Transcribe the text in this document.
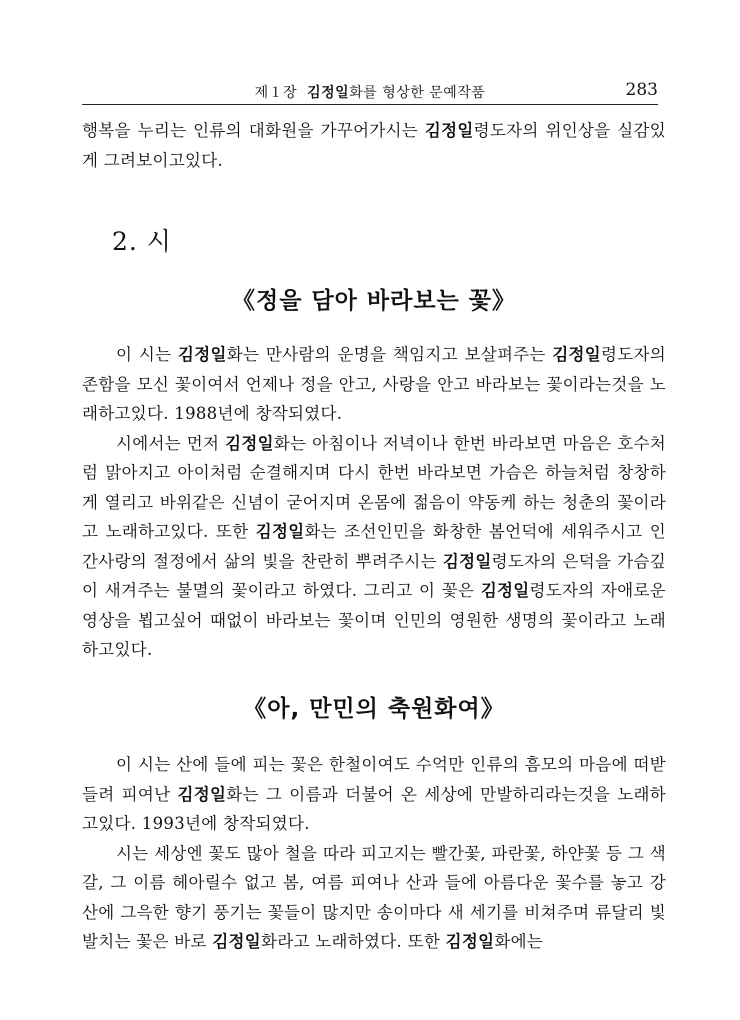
제１장 김정일화를 형상한 문예작품	283

행복을 누리는 인류의 대화원을 가꾸어가시는 김정일령도자의 위인상을 실감있게 그려보이고있다.

2. 시
《정을 담아 바라보는 꽃》

이 시는 김정일화는 만사람의 운명을 책임지고 보살펴주는 김정일령도자의 존함을 모신 꽃이여서 언제나 정을 안고, 사랑을 안고 바라보는 꽃이라는것을 노래하고있다. 1988년에 창작되였다.

시에서는 먼저 김정일화는 아침이나 저녁이나 한번 바라보면 마음은 호수처럼 맑아지고 아이처럼 순결해지며 다시 한번 바라보면 가슴은 하늘처럼 창창하게 열리고 바위같은 신념이 굳어지며 온몸에 젊음이 약동케 하는 청춘의 꽃이라고 노래하고있다. 또한 김정일화는 조선인민을 화창한 봄언덕에 세워주시고 인간사랑의 절정에서 삶의 빛을 찬란히 뿌려주시는 김정일령도자의 은덕을 가슴깊이 새겨주는 불멸의 꽃이라고 하였다. 그리고 이 꽃은 김정일령도자의 자애로운 영상을 뵙고싶어 때없이 바라보는 꽃이며 인민의 영원한 생명의 꽃이라고 노래하고있다.

《아, 만민의 축원화여》

이 시는 산에 들에 피는 꽃은 한철이여도 수억만 인류의 흠모의 마음에 떠받들려 피여난 김정일화는 그 이름과 더불어 온 세상에 만발하리라는것을 노래하고있다. 1993년에 창작되였다.

시는 세상엔 꽃도 많아 철을 따라 피고지는 빨간꽃, 파란꽃, 하얀꽃 등 그 색갈, 그 이름 헤아릴수 없고 봄, 여름 피여나 산과 들에 아름다운 꽃수를 놓고 강산에 그윽한 향기 풍기는 꽃들이 많지만 송이마다 새 세기를 비쳐주며 류달리 빛발치는 꽃은 바로 김정일화라고 노래하였다. 또한 김정일화에는
